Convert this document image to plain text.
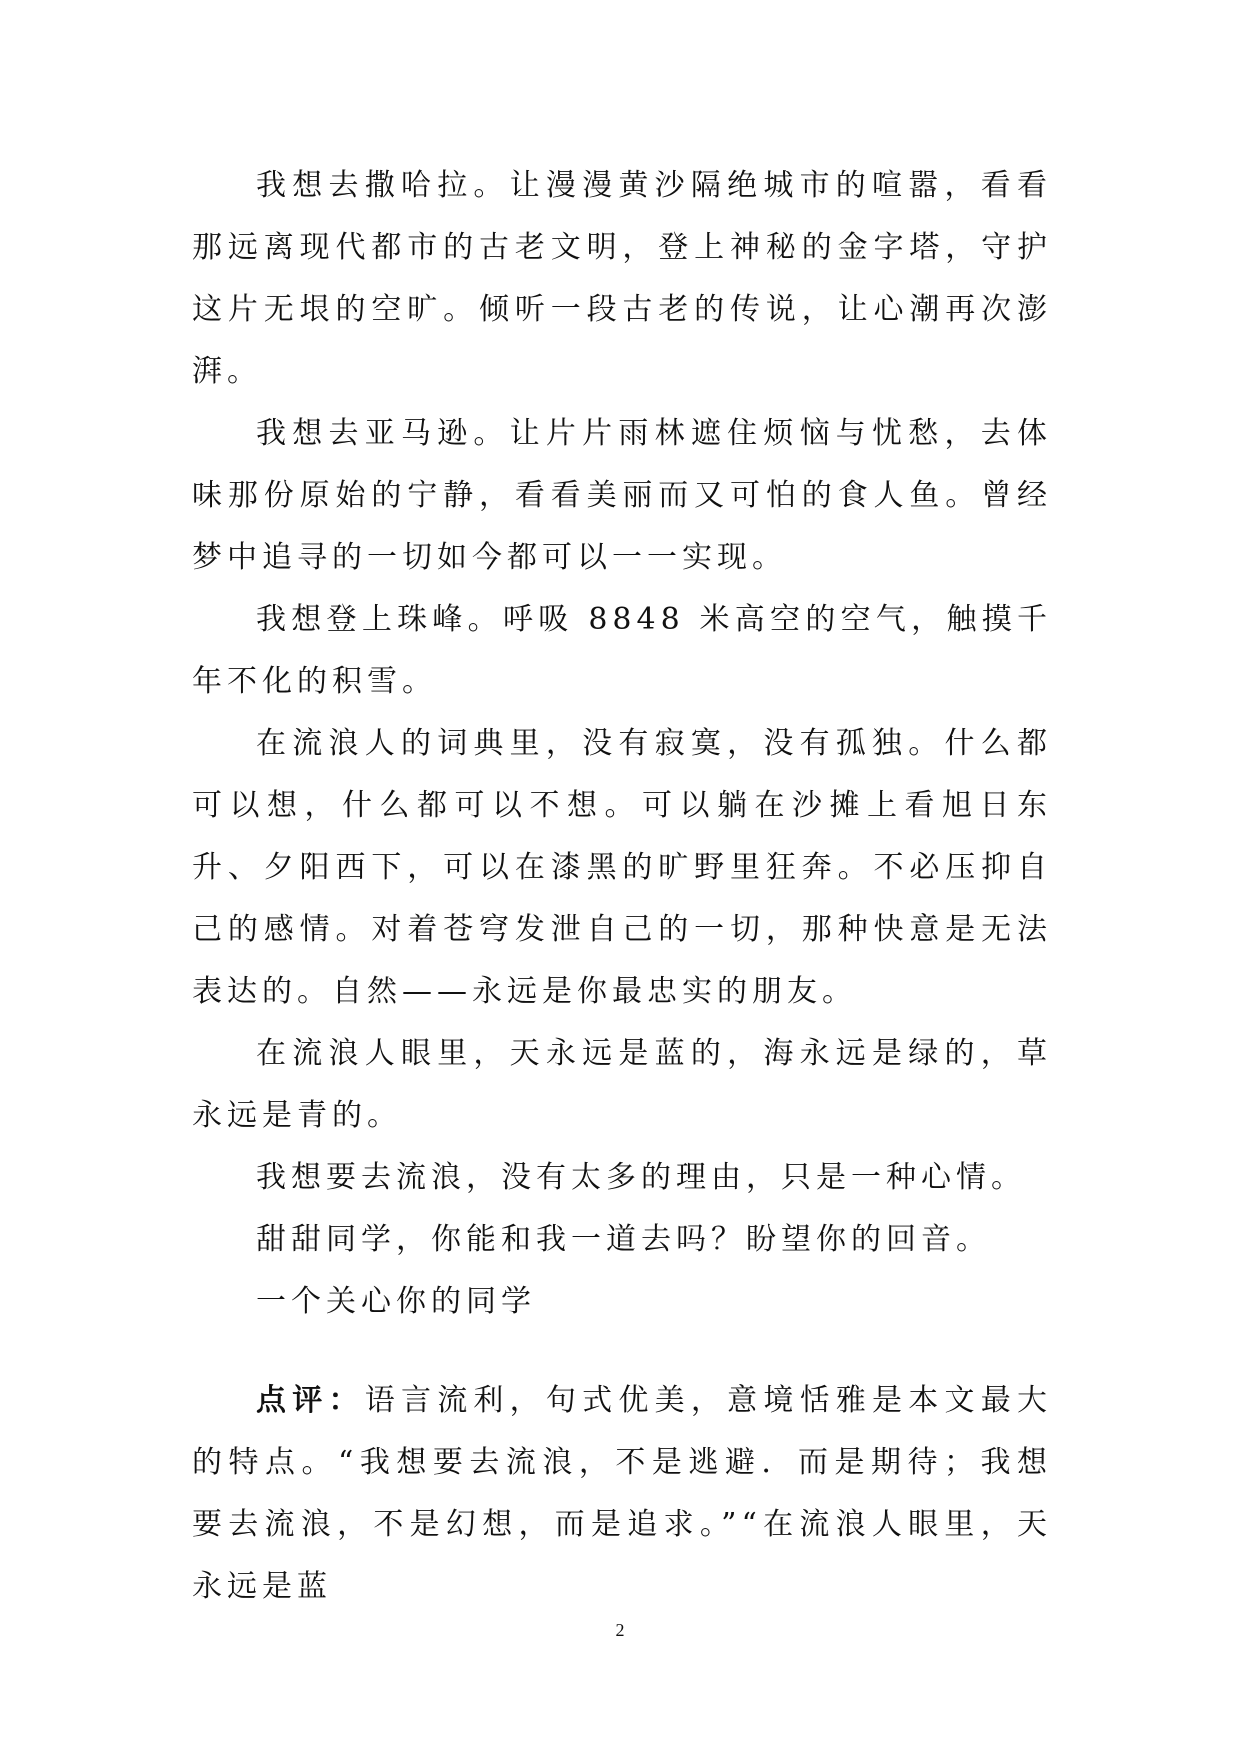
我想去撒哈拉。让漫漫黄沙隔绝城市的喧嚣，看看那远离现代都市的古老文明，登上神秘的金字塔，守护这片无垠的空旷。倾听一段古老的传说，让心潮再次澎湃。

我想去亚马逊。让片片雨林遮住烦恼与忧愁，去体味那份原始的宁静，看看美丽而又可怕的食人鱼。曾经梦中追寻的一切如今都可以一一实现。

我想登上珠峰。呼吸 8848 米高空的空气，触摸千年不化的积雪。

在流浪人的词典里，没有寂寞，没有孤独。什么都可以想，什么都可以不想。可以躺在沙摊上看旭日东升、夕阳西下，可以在漆黑的旷野里狂奔。不必压抑自己的感情。对着苍穹发泄自己的一切，那种快意是无法表达的。自然——永远是你最忠实的朋友。

在流浪人眼里，天永远是蓝的，海永远是绿的，草永远是青的。

我想要去流浪，没有太多的理由，只是一种心情。

甜甜同学，你能和我一道去吗？盼望你的回音。

一个关心你的同学

点评：语言流利，句式优美，意境恬雅是本文最大的特点。“我想要去流浪，不是逃避．而是期待；我想要去流浪，不是幻想，而是追求。”“在流浪人眼里，天永远是蓝

2
